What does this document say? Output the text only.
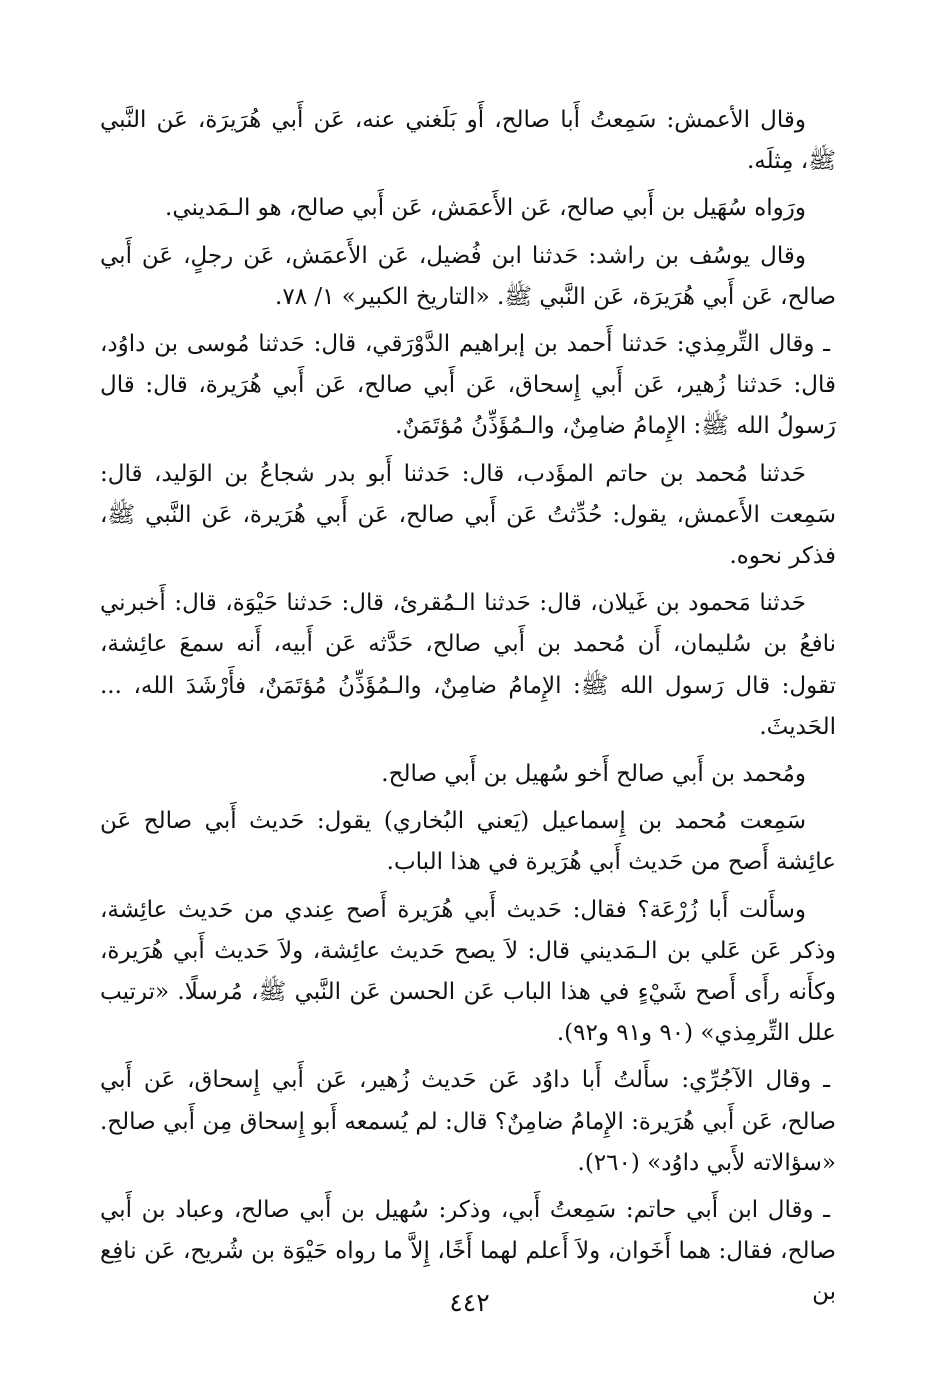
وقال الأعمش: سَمِعتُ أَبا صالح، أَو بَلَغني عنه، عَن أَبي هُرَيرَة، عَن النَّبي ﷺ، مِثلَه.

ورَواه سُهَيل بن أَبي صالح، عَن الأَعمَش، عَن أَبي صالح، هو الـمَديني.

وقال يوسُف بن راشد: حَدثنا ابن فُضيل، عَن الأَعمَش، عَن رجلٍ، عَن أَبي صالح، عَن أَبي هُرَيرَة، عَن النَّبي ﷺ. «التاريخ الكبير» ١/ ٧٨.

ـ وقال التِّرمِذي: حَدثنا أَحمد بن إبراهيم الدَّوْرَقي، قال: حَدثنا مُوسى بن داوُد، قال: حَدثنا زُهير، عَن أَبي إِسحاق، عَن أَبي صالح، عَن أَبي هُرَيرة، قال: قال رَسولُ الله ﷺ: الإِمامُ ضامِنٌ، والـمُؤَذِّنُ مُؤتَمَنٌ.

حَدثنا مُحمد بن حاتم المؤَدب، قال: حَدثنا أَبو بدر شجاعُ بن الوَليد، قال: سَمِعت الأَعمش، يقول: حُدِّثتُ عَن أَبي صالح، عَن أَبي هُرَيرة، عَن النَّبي ﷺ، فذكر نحوه.

حَدثنا مَحمود بن غَيلان، قال: حَدثنا الـمُقرئ، قال: حَدثنا حَيْوَة، قال: أَخبرني نافعُ بن سُليمان، أَن مُحمد بن أَبي صالح، حَدَّثه عَن أَبيه، أَنه سمعَ عائِشة، تقول: قال رَسول الله ﷺ: الإِمامُ ضامِنٌ، والـمُؤَذِّنُ مُؤتَمَنٌ، فأَرْشَدَ الله، ... الحَديثَ.

ومُحمد بن أَبي صالح أَخو سُهيل بن أَبي صالح.

سَمِعت مُحمد بن إِسماعيل (يَعني البُخاري) يقول: حَديث أَبي صالح عَن عائِشة أَصح من حَديث أَبي هُرَيرة في هذا الباب.

وسأَلت أَبا زُرْعَة؟ فقال: حَديث أَبي هُرَيرة أَصح عِندي من حَديث عائِشة، وذكر عَن عَلي بن الـمَديني قال: لاَ يصح حَديث عائِشة، ولاَ حَديث أَبي هُرَيرة، وكأَنه رأَى أَصح شَيْءٍ في هذا الباب عَن الحسن عَن النَّبي ﷺ، مُرسلًا. «ترتيب علل التِّرمِذي» (٩٠ و٩١ و٩٢).

ـ وقال الآجُرِّي: سأَلتُ أَبا داوُد عَن حَديث زُهير، عَن أَبي إِسحاق، عَن أَبي صالح، عَن أَبي هُرَيرة: الإِمامُ ضامِنٌ؟ قال: لم يُسمعه أَبو إِسحاق مِن أَبي صالح. «سؤالاته لأَبي داوُد» (٢٦٠).

ـ وقال ابن أَبي حاتم: سَمِعتُ أَبي، وذكر: سُهيل بن أَبي صالح، وعباد بن أَبي صالح، فقال: هما أَخَوان، ولاَ أَعلم لهما أَخًا، إِلاَّ ما رواه حَيْوَة بن شُريح، عَن نافِع بن

٤٤٢
